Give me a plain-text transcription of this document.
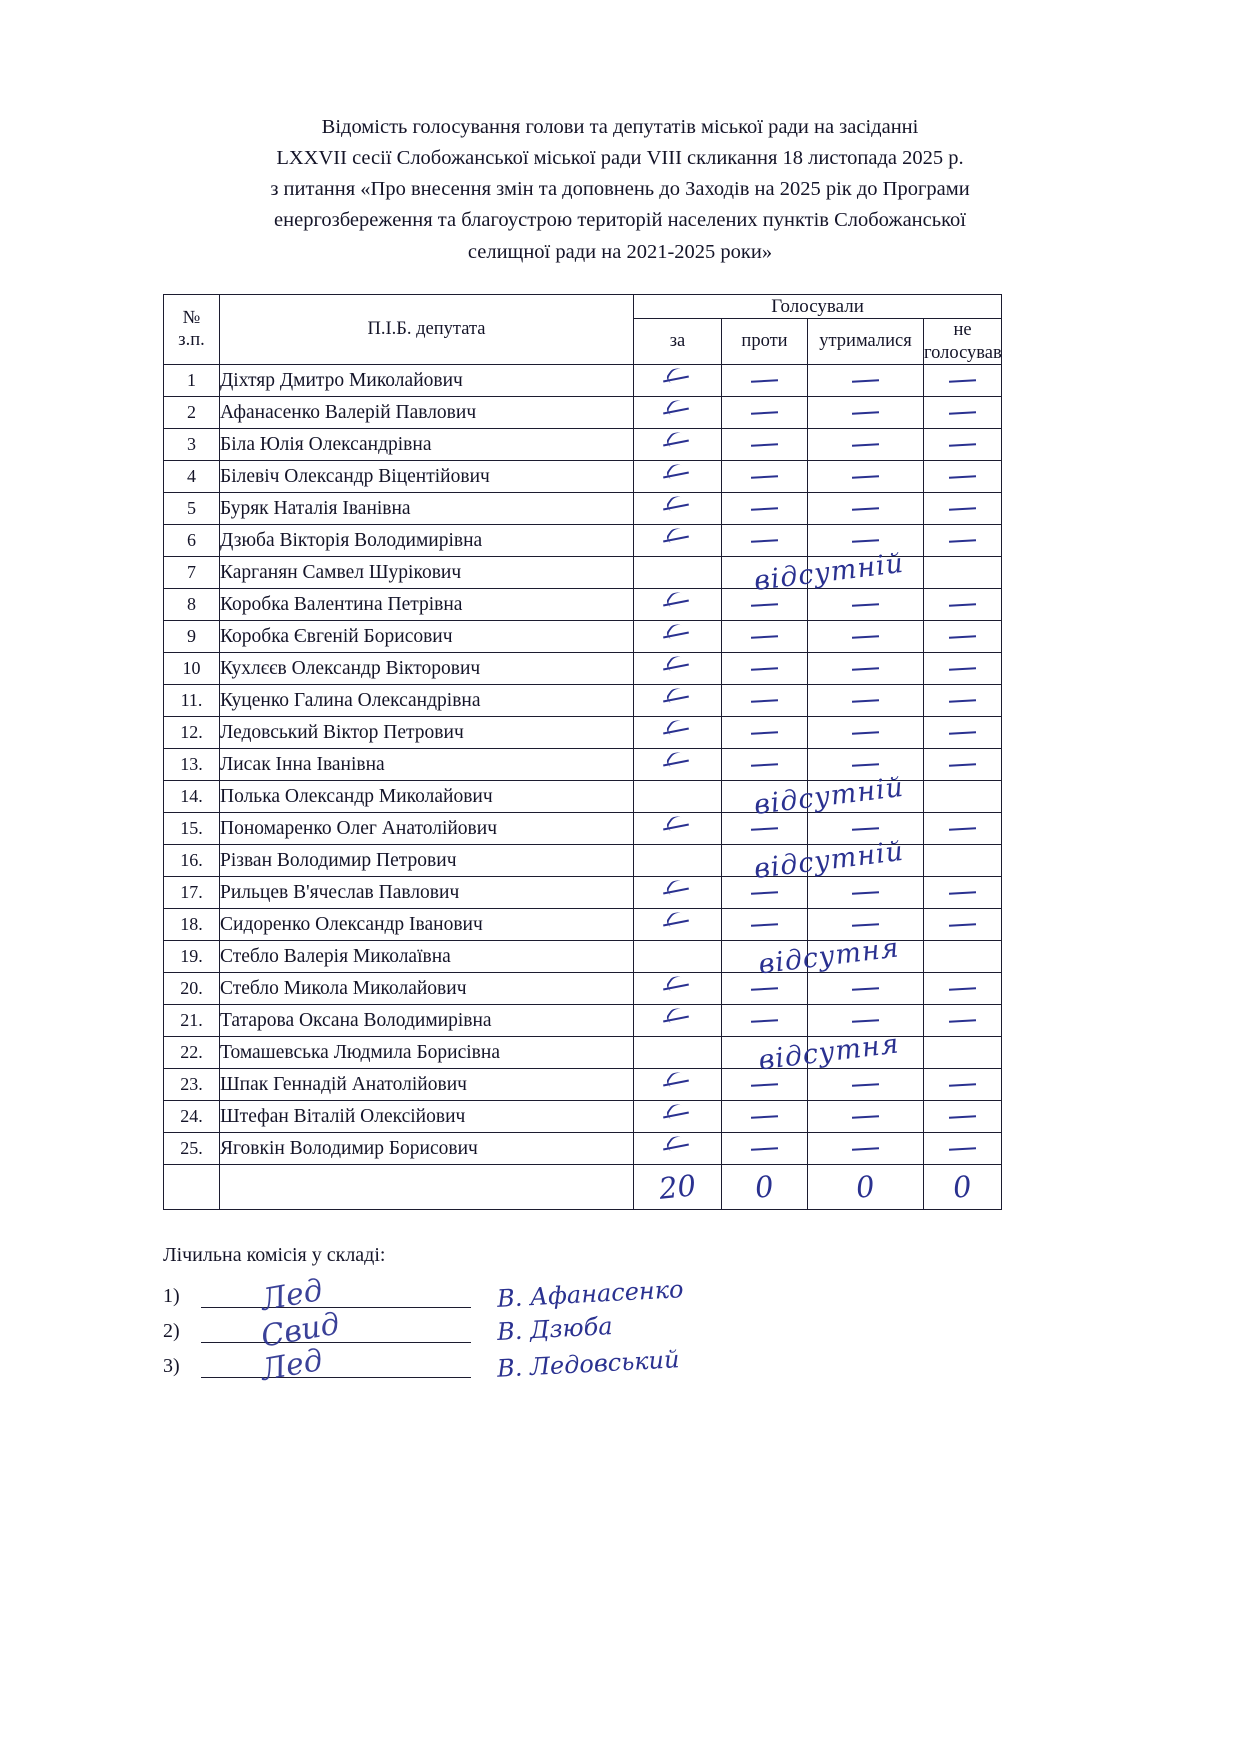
Відомість голосування голови та депутатів міської ради на засіданні
LXXVII сесії Слобожанської міської ради VIII скликання 18 листопада 2025 р.
з питання «Про внесення змін та доповнень до Заходів на 2025 рік до Програми
енергозбереження та благоустрою територій населених пунктів Слобожанської
селищної ради на 2021-2025 роки»
№
з.п.	П.І.Б. депутата	Голосували			
		за	проти	утрималися	не
голосував

1	Діхтяр Дмитро Миколайович				
2	Афанасенко Валерій Павлович				
3	Біла Юлія Олександрівна				
4	Білевіч Олександр Віцентійович				
5	Буряк Наталія Іванівна				
6	Дзюба Вікторія Володимирівна				
7	Карганян Самвел Шурікович		відсутній		

8	Коробка Валентина Петрівна				
9	Коробка Євгеній Борисович				
10	Кухлєєв Олександр Вікторович				
11.	Куценко Галина Олександрівна				
12.	Ледовський Віктор Петрович				
13.	Лисак Інна Іванівна				
14.	Полька Олександр Миколайович		відсутній		

15.	Пономаренко Олег Анатолійович				
16.	Різван Володимир Петрович		відсутній		

17.	Рильцев В'ячеслав Павлович				
18.	Сидоренко Олександр Іванович				
19.	Стебло Валерія Миколаївна		відсутня		

20.	Стебло Микола Миколайович				
21.	Татарова Оксана Володимирівна				
22.	Томашевська Людмила Борисівна		відсутня		

23.	Шпак Геннадій Анатолійович				
24.	Штефан Віталій Олексійович				
25.	Яговкін Володимир Борисович				
		20	0	0	0
Лічильна комісія у складі:
1)	Лед	В. Афанасенко
2)	Свид	В. Дзюба
3)	Лед	В. Ледовський
